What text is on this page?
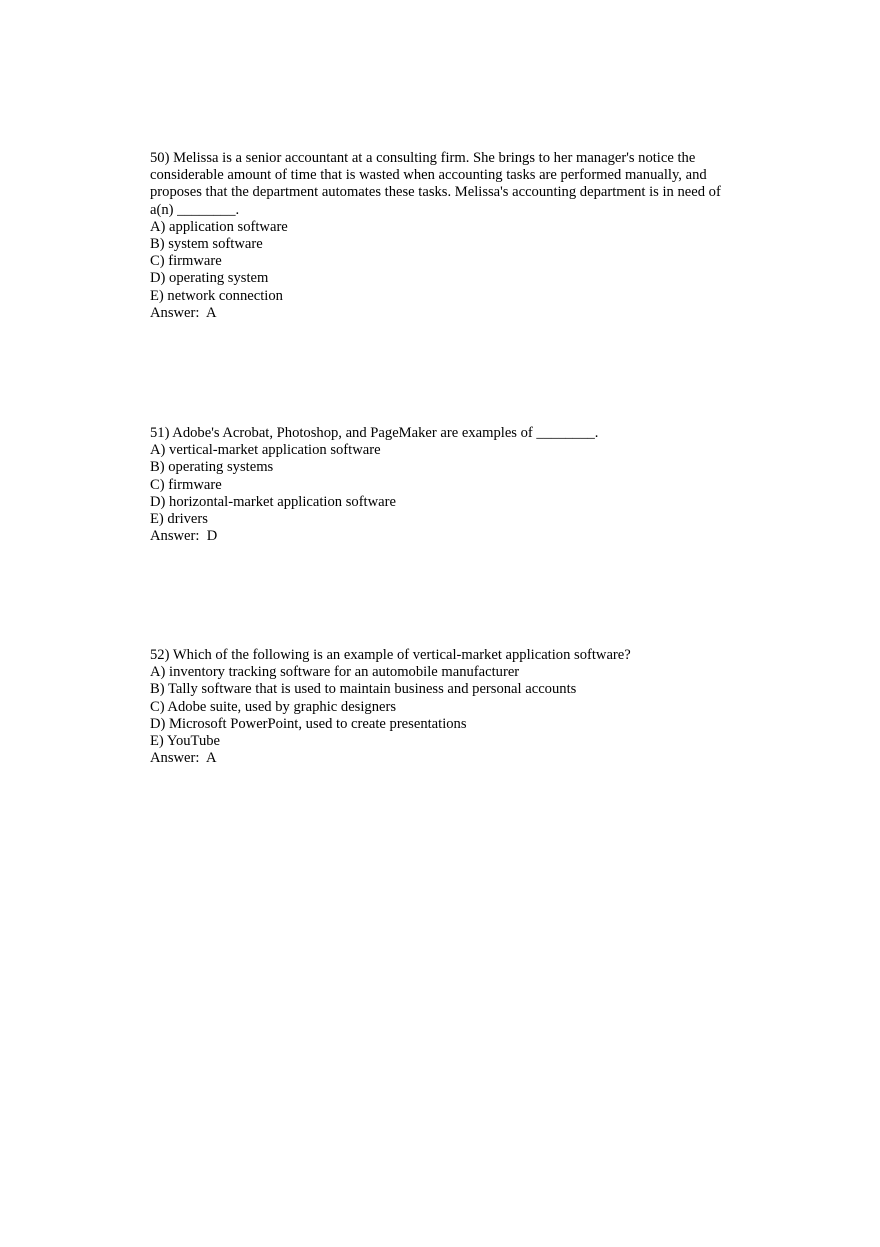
50) Melissa is a senior accountant at a consulting firm. She brings to her manager's notice the considerable amount of time that is wasted when accounting tasks are performed manually, and proposes that the department automates these tasks. Melissa's accounting department is in need of a(n) ________.

A) application software
B) system software
C) firmware
D) operating system
E) network connection
Answer:  A

51) Adobe's Acrobat, Photoshop, and PageMaker are examples of ________.

A) vertical-market application software
B) operating systems
C) firmware
D) horizontal-market application software
E) drivers
Answer:  D

52) Which of the following is an example of vertical-market application software?

A) inventory tracking software for an automobile manufacturer
B) Tally software that is used to maintain business and personal accounts
C) Adobe suite, used by graphic designers
D) Microsoft PowerPoint, used to create presentations
E) YouTube
Answer:  A
